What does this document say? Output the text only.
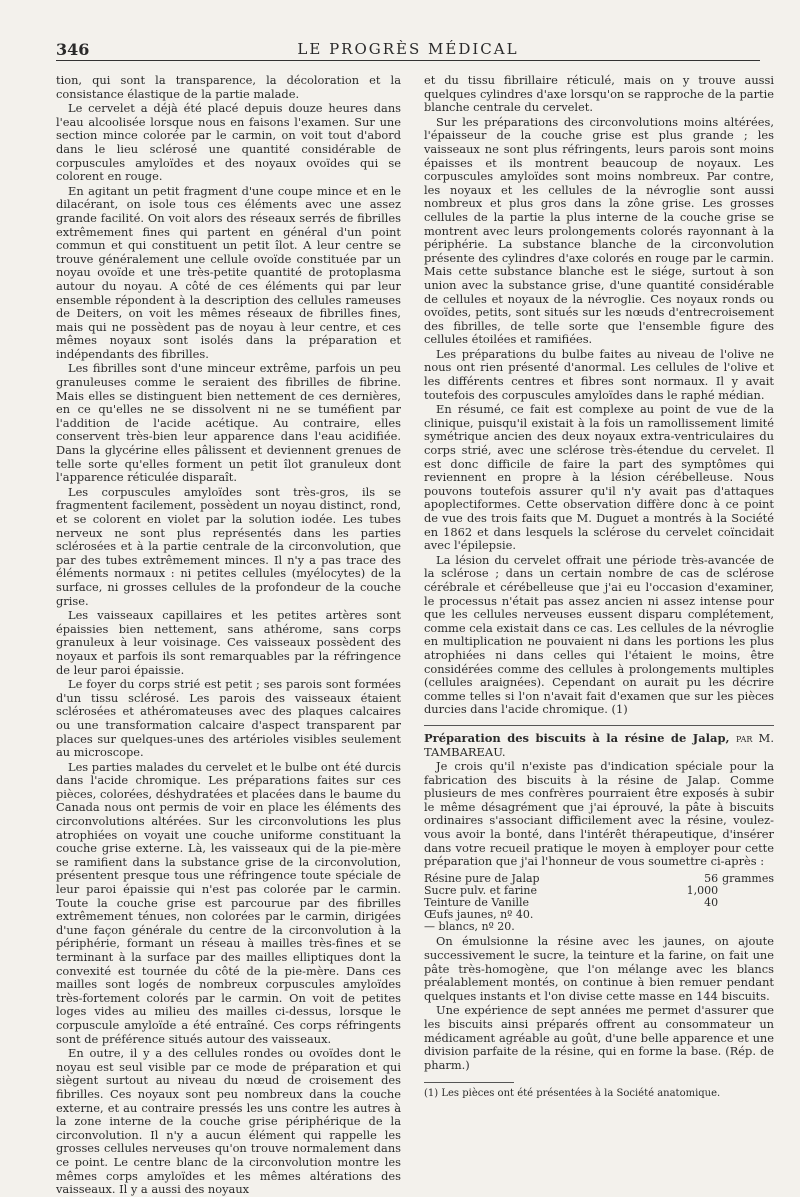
346	LE PROGRÈS MÉDICAL

tion, qui sont la transparence, la décoloration et la consistance élastique de la partie malade.

Le cervelet a déjà été placé depuis douze heures dans l'eau alcoolisée lorsque nous en faisons l'examen. Sur une section mince colorée par le carmin, on voit tout d'abord dans le lieu sclérosé une quantité considérable de corpuscules amyloïdes et des noyaux ovoïdes qui se colorent en rouge.

En agitant un petit fragment d'une coupe mince et en le dilacérant, on isole tous ces éléments avec une assez grande facilité. On voit alors des réseaux serrés de fibrilles extrêmement fines qui partent en général d'un point commun et qui constituent un petit îlot. A leur centre se trouve généralement une cellule ovoïde constituée par un noyau ovoïde et une très-petite quantité de protoplasma autour du noyau. A côté de ces éléments qui par leur ensemble répondent à la description des cellules rameuses de Deiters, on voit les mêmes réseaux de fibrilles fines, mais qui ne possèdent pas de noyau à leur centre, et ces mêmes noyaux sont isolés dans la préparation et indépendants des fibrilles.

Les fibrilles sont d'une minceur extrême, parfois un peu granuleuses comme le seraient des fibrilles de fibrine. Mais elles se distinguent bien nettement de ces dernières, en ce qu'elles ne se dissolvent ni ne se tuméfient par l'addition de l'acide acétique. Au contraire, elles conservent très-bien leur apparence dans l'eau acidifiée. Dans la glycérine elles pâlissent et deviennent grenues de telle sorte qu'elles forment un petit îlot granuleux dont l'apparence réticulée disparaît.

Les corpuscules amyloïdes sont très-gros, ils se fragmentent facilement, possèdent un noyau distinct, rond, et se colorent en violet par la solution iodée. Les tubes nerveux ne sont plus représentés dans les parties sclérosées et à la partie centrale de la circonvolution, que par des tubes extrêmement minces. Il n'y a pas trace des éléments normaux : ni petites cellules (myélocytes) de la surface, ni grosses cellules de la profondeur de la couche grise.

Les vaisseaux capillaires et les petites artères sont épaissies bien nettement, sans athérome, sans corps granuleux à leur voisinage. Ces vaisseaux possèdent des noyaux et parfois ils sont remarquables par la réfringence de leur paroi épaissie.

Le foyer du corps strié est petit ; ses parois sont formées d'un tissu sclérosé. Les parois des vaisseaux étaient sclérosées et athéromateuses avec des plaques calcaires ou une transformation calcaire d'aspect transparent par places sur quelques-unes des artérioles visibles seulement au microscope.

Les parties malades du cervelet et le bulbe ont été durcis dans l'acide chromique. Les préparations faites sur ces pièces, colorées, déshydratées et placées dans le baume du Canada nous ont permis de voir en place les éléments des circonvolutions altérées. Sur les circonvolutions les plus atrophiées on voyait une couche uniforme constituant la couche grise externe. Là, les vaisseaux qui de la pie-mère se ramifient dans la substance grise de la circonvolution, présentent presque tous une réfringence toute spéciale de leur paroi épaissie qui n'est pas colorée par le carmin. Toute la couche grise est parcourue par des fibrilles extrêmement ténues, non colorées par le carmin, dirigées d'une façon générale du centre de la circonvolution à la périphérie, formant un réseau à mailles très-fines et se terminant à la surface par des mailles elliptiques dont la convexité est tournée du côté de la pie-mère. Dans ces mailles sont logés de nombreux corpuscules amyloïdes très-fortement colorés par le carmin. On voit de petites loges vides au milieu des mailles ci-dessus, lorsque le corpuscule amyloïde a été entraîné. Ces corps réfringents sont de préférence situés autour des vaisseaux.

En outre, il y a des cellules rondes ou ovoïdes dont le noyau est seul visible par ce mode de préparation et qui siègent surtout au niveau du nœud de croisement des fibrilles. Ces noyaux sont peu nombreux dans la couche externe, et au contraire pressés les uns contre les autres à la zone interne de la couche grise périphérique de la circonvolution. Il n'y a aucun élément qui rappelle les grosses cellules nerveuses qu'on trouve normalement dans ce point. Le centre blanc de la circonvolution montre les mêmes corps amyloïdes et les mêmes altérations des vaisseaux. Il y a aussi des noyaux

et du tissu fibrillaire réticulé, mais on y trouve aussi quelques cylindres d'axe lorsqu'on se rapproche de la partie blanche centrale du cervelet.

Sur les préparations des circonvolutions moins altérées, l'épaisseur de la couche grise est plus grande ; les vaisseaux ne sont plus réfringents, leurs parois sont moins épaisses et ils montrent beaucoup de noyaux. Les corpuscules amyloïdes sont moins nombreux. Par contre, les noyaux et les cellules de la névroglie sont aussi nombreux et plus gros dans la zône grise. Les grosses cellules de la partie la plus interne de la couche grise se montrent avec leurs prolongements colorés rayonnant à la périphérie. La substance blanche de la circonvolution présente des cylindres d'axe colorés en rouge par le carmin. Mais cette substance blanche est le siége, surtout à son union avec la substance grise, d'une quantité considérable de cellules et noyaux de la névroglie. Ces noyaux ronds ou ovoïdes, petits, sont situés sur les nœuds d'entrecroisement des fibrilles, de telle sorte que l'ensemble figure des cellules étoilées et ramifiées.

Les préparations du bulbe faites au niveau de l'olive ne nous ont rien présenté d'anormal. Les cellules de l'olive et les différents centres et fibres sont normaux. Il y avait toutefois des corpuscules amyloïdes dans le raphé médian.

En résumé, ce fait est complexe au point de vue de la clinique, puisqu'il existait à la fois un ramollissement limité symétrique ancien des deux noyaux extra-ventriculaires du corps strié, avec une sclérose très-étendue du cervelet. Il est donc difficile de faire la part des symptômes qui reviennent en propre à la lésion cérébelleuse. Nous pouvons toutefois assurer qu'il n'y avait pas d'attaques apoplectiformes. Cette observation diffère donc à ce point de vue des trois faits que M. Duguet a montrés à la Société en 1862 et dans lesquels la sclérose du cervelet coïncidait avec l'épilepsie.

La lésion du cervelet offrait une période très-avancée de la sclérose ; dans un certain nombre de cas de sclérose cérébrale et cérébelleuse que j'ai eu l'occasion d'examiner, le processus n'était pas assez ancien ni assez intense pour que les cellules nerveuses eussent disparu complétement, comme cela existait dans ce cas. Les cellules de la névroglie en multiplication ne pouvaient ni dans les portions les plus atrophiées ni dans celles qui l'étaient le moins, être considérées comme des cellules à prolongements multiples (cellules araignées). Cependant on aurait pu les décrire comme telles si l'on n'avait fait d'examen que sur les pièces durcies dans l'acide chromique. (1)

Préparation des biscuits à la résine de Jalap, par M. TAMBAREAU.

Je crois qu'il n'existe pas d'indication spéciale pour la fabrication des biscuits à la résine de Jalap. Comme plusieurs de mes confrères pourraient être exposés à subir le même désagrément que j'ai éprouvé, la pâte à biscuits ordinaires s'associant difficilement avec la résine, voulez-vous avoir la bonté, dans l'intérêt thérapeutique, d'insérer dans votre recueil pratique le moyen à employer pour cette préparation que j'ai l'honneur de vous soumettre ci-après :

Résine pure de Jalap		56	grammes
Sucre pulv. et farine		1,000	
Teinture de Vanille		40	
Œufs jaunes, nº 40.		
— blancs, nº 20.		

On émulsionne la résine avec les jaunes, on ajoute successivement le sucre, la teinture et la farine, on fait une pâte très-homogène, que l'on mélange avec les blancs préalablement montés, on continue à bien remuer pendant quelques instants et l'on divise cette masse en 144 biscuits.

Une expérience de sept années me permet d'assurer que les biscuits ainsi préparés offrent au consommateur un médicament agréable au goût, d'une belle apparence et une division parfaite de la résine, qui en forme la base. (Rép. de pharm.)

(1) Les pièces ont été présentées à la Société anatomique.
